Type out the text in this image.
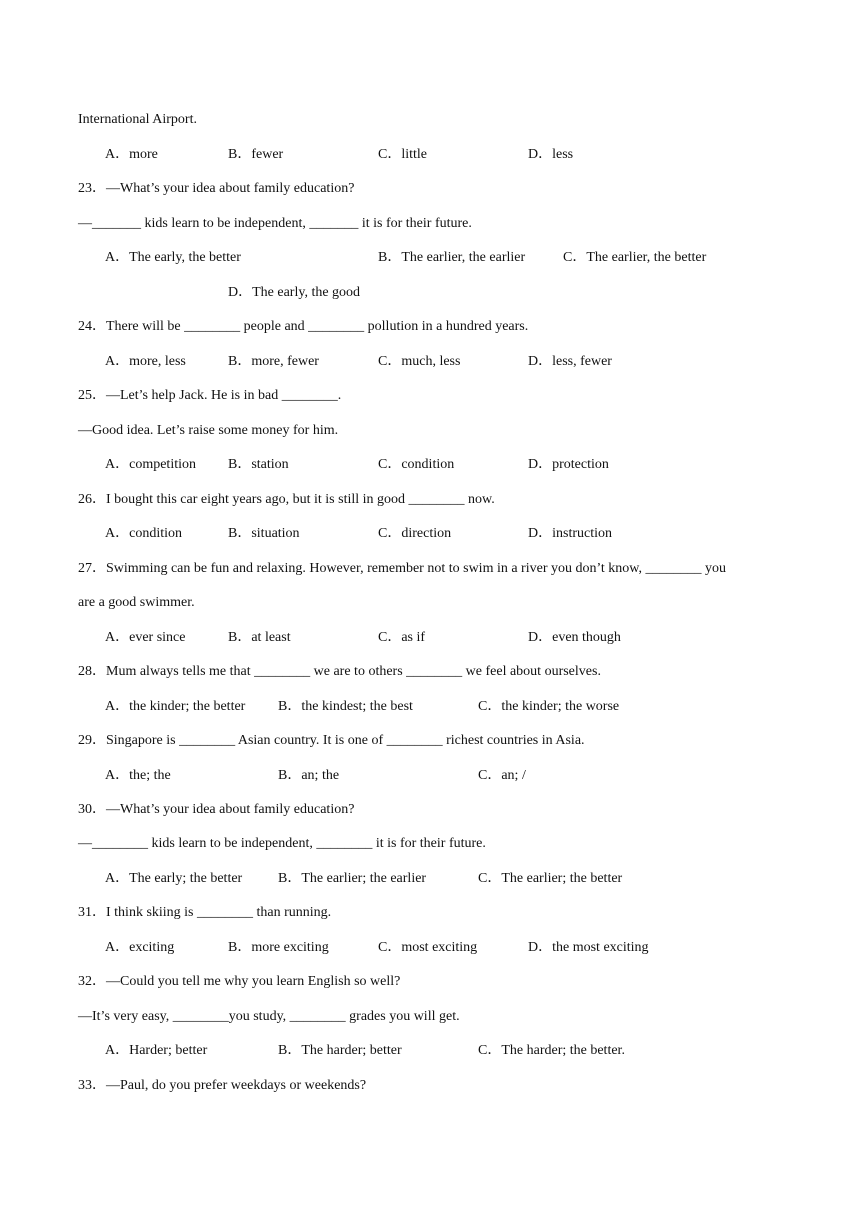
International Airport.
A．more	B．fewer	C．little	D．less
23．—What’s your idea about family education?
—_______ kids learn to be independent, _______ it is for their future.
A．The early, the better	B．The earlier, the earlier	C．The earlier, the better
D．The early, the good
24．There will be ________ people and ________ pollution in a hundred years.
A．more, less	B．more, fewer	C．much, less	D．less, fewer
25．—Let’s help Jack. He is in bad ________.
—Good idea. Let’s raise some money for him.
A．competition B．station	C．condition	D．protection
26．I bought this car eight years ago, but it is still in good ________ now.
A．condition	B．situation	C．direction	D．instruction
27．Swimming can be fun and relaxing. However, remember not to swim in a river you don’t know, ________ you
are a good swimmer.
A．ever since	B．at least	C．as if	D．even though
28．Mum always tells me that ________ we are to others ________ we feel about ourselves.
A．the kinder; the better B．the kindest; the best	C．the kinder; the worse
29．Singapore is ________ Asian country. It is one of ________ richest countries in Asia.
A．the; the	B．an; the	C．an; /
30．—What’s your idea about family education?
—________ kids learn to be independent, ________ it is for their future.
A．The early; the better	B．The earlier; the earlier	C．The earlier; the better
31．I think skiing is ________ than running.
A．exciting	B．more exciting	C．most exciting	D．the most exciting
32．—Could you tell me why you learn English so well?
—It’s very easy, ________you study, ________ grades you will get.
A．Harder; better	B．The harder; better	C．The harder; the better.
33．—Paul, do you prefer weekdays or weekends?
